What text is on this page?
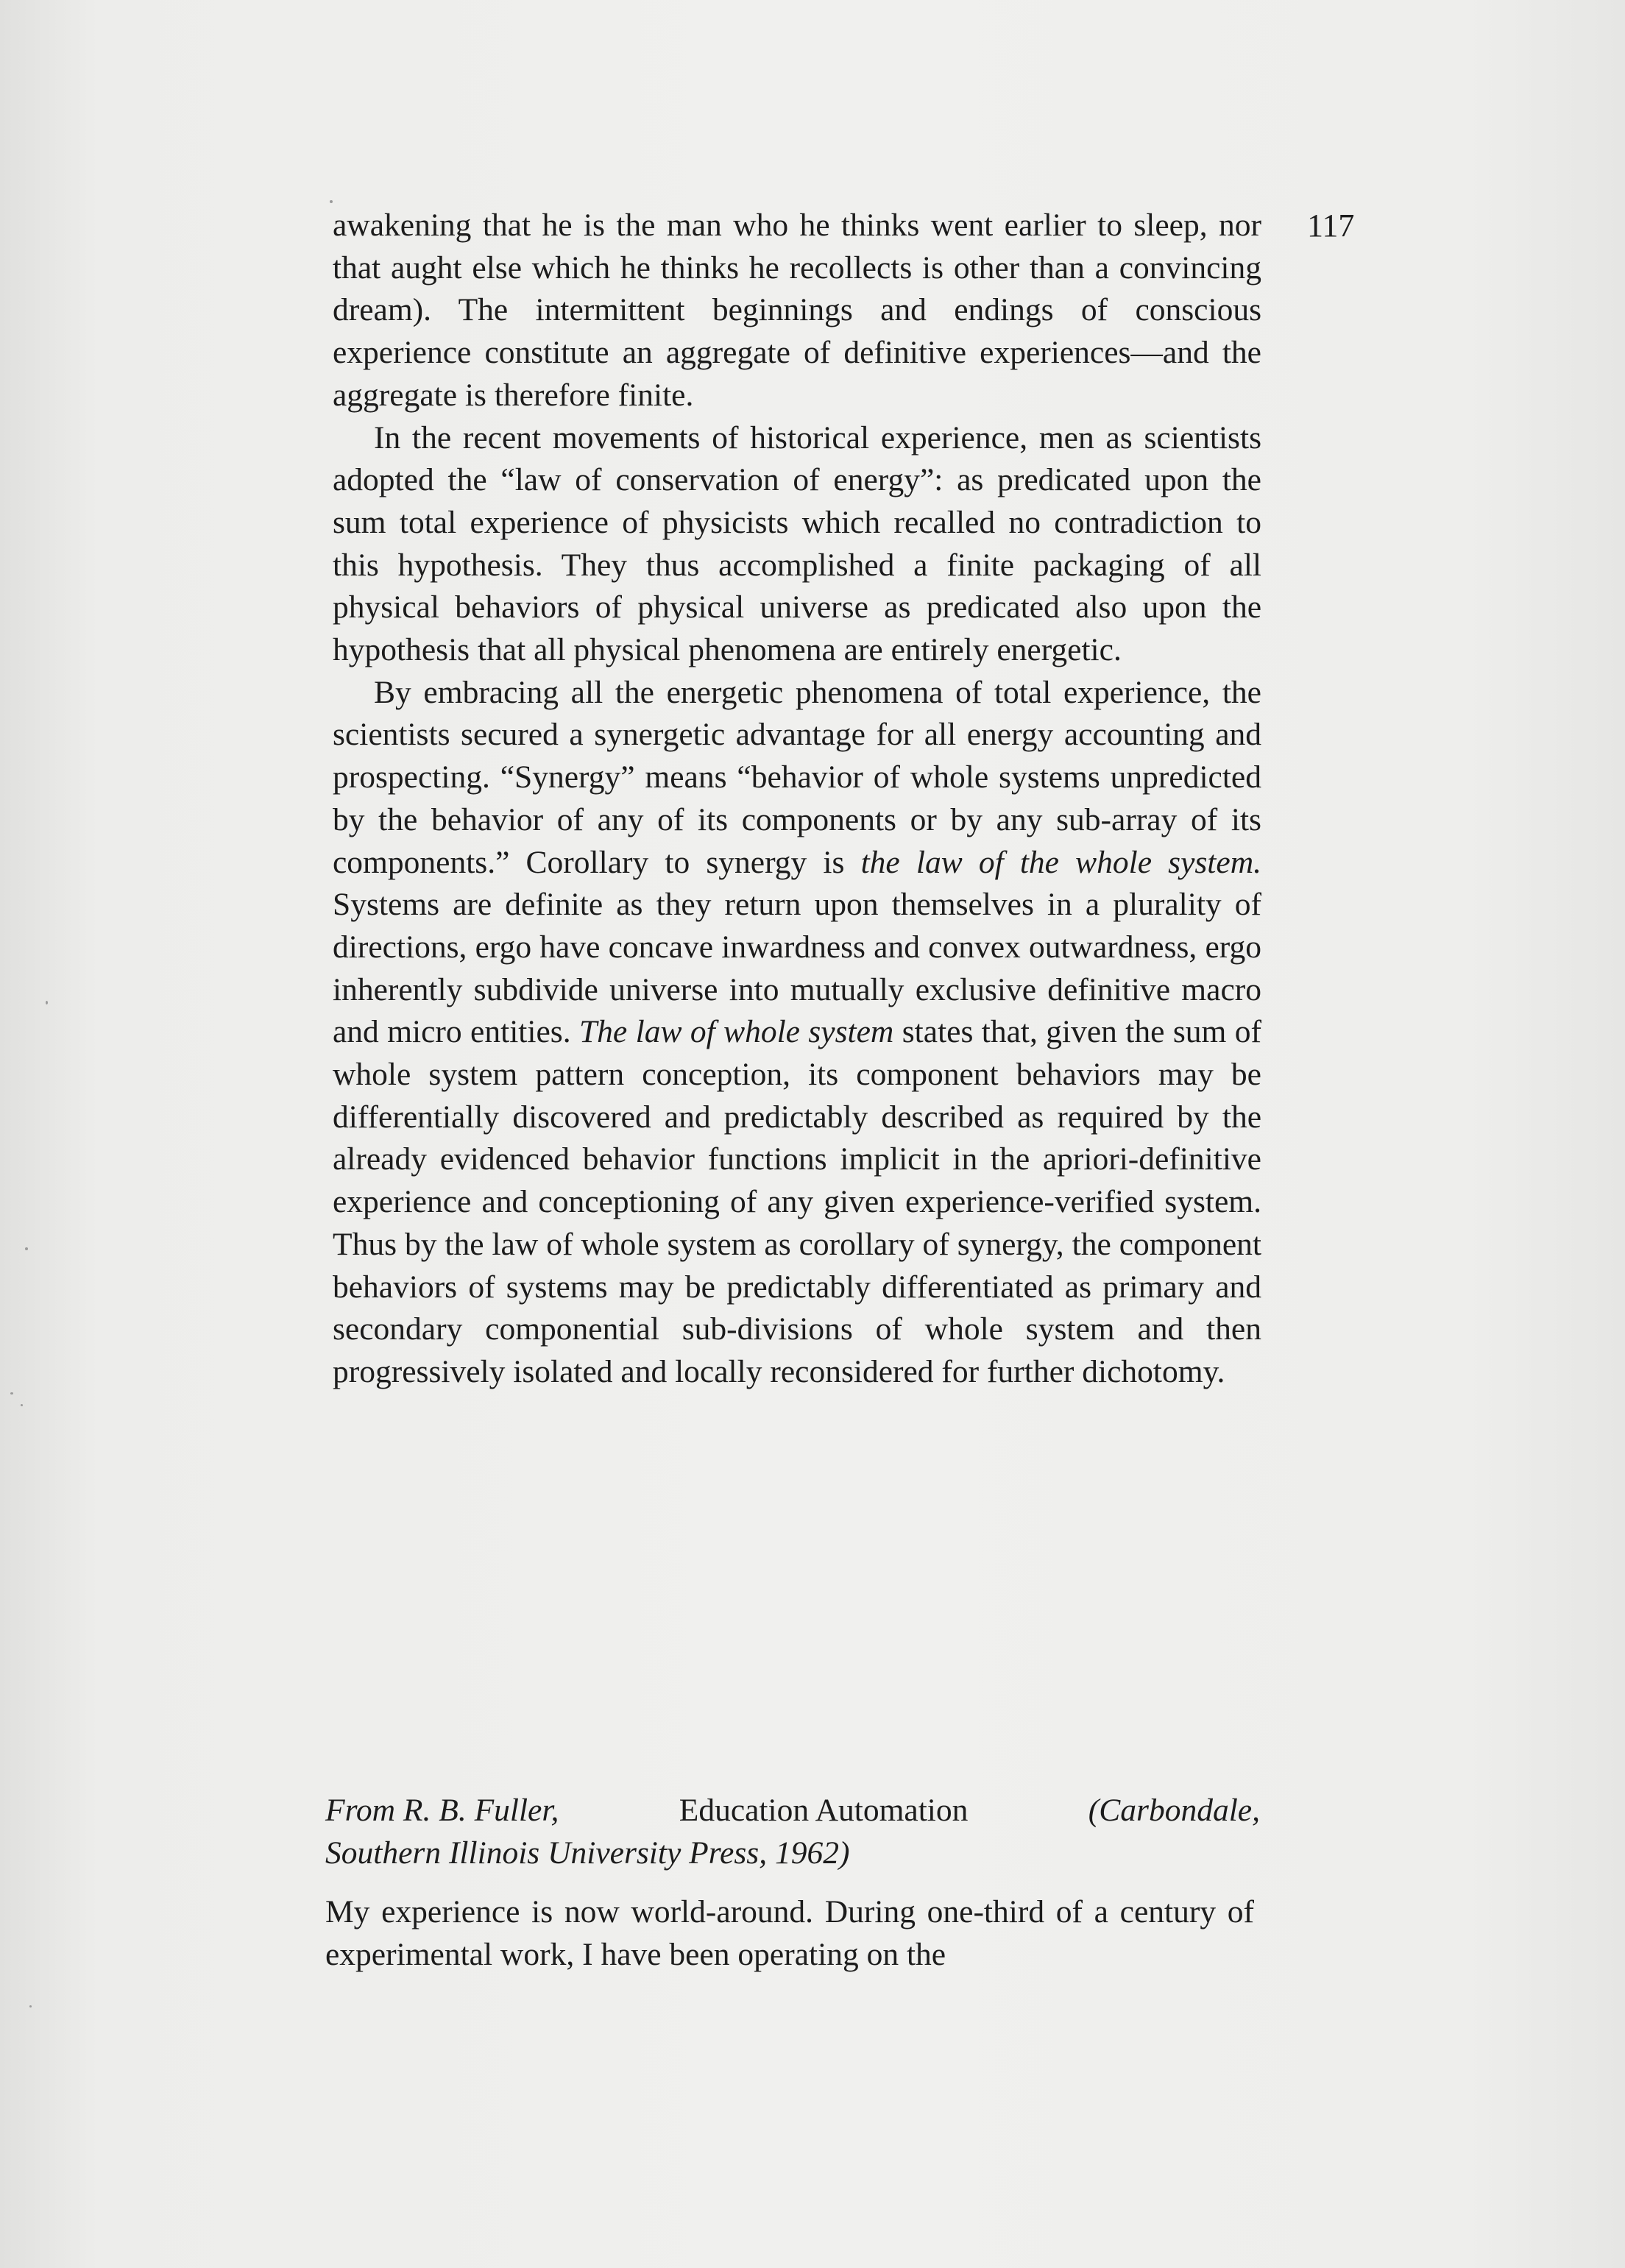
117

awakening that he is the man who he thinks went earlier to sleep, nor that aught else which he thinks he recollects is other than a convincing dream). The intermittent beginnings and endings of conscious experience constitute an aggregate of definitive experiences—and the aggregate is therefore finite.

In the recent movements of historical experience, men as scientists adopted the “law of conservation of energy”: as predicated upon the sum total experience of physicists which recalled no contradiction to this hypothesis. They thus accomplished a finite packaging of all physical behaviors of physical universe as predicated also upon the hypothesis that all physical phenomena are entirely energetic.

By embracing all the energetic phenomena of total experience, the scientists secured a synergetic advantage for all energy accounting and prospecting. “Synergy” means “behavior of whole systems unpredicted by the behavior of any of its components or by any sub-array of its components.” Corollary to synergy is the law of the whole system. Systems are definite as they return upon themselves in a plurality of directions, ergo have concave inwardness and convex outwardness, ergo inherently subdivide universe into mutually exclusive definitive macro and micro entities. The law of whole system states that, given the sum of whole system pattern conception, its component behaviors may be differentially discovered and predictably described as required by the already evidenced behavior functions implicit in the apriori-definitive experience and conceptioning of any given experience-verified system. Thus by the law of whole system as corollary of synergy, the component behaviors of systems may be predictably differentiated as primary and secondary componential sub-divisions of whole system and then progressively isolated and locally reconsidered for further dichotomy.

From R. B. Fuller,	Education Automation	(Carbondale,
Southern Illinois University Press, 1962)

My experience is now world-around. During one-third of a century of experimental work, I have been operating on the
